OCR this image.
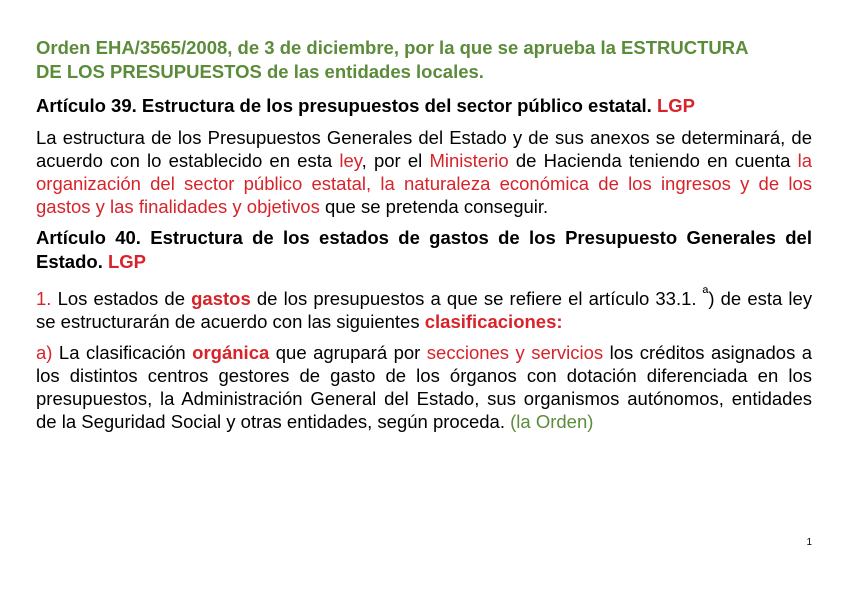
Orden EHA/3565/2008, de 3 de diciembre, por la que se aprueba la ESTRUCTURA
DE LOS PRESUPUESTOS de las entidades locales.

Artículo 39. Estructura de los presupuestos del sector público estatal. LGP

La estructura de los Presupuestos Generales del Estado y de sus anexos se determinará, de acuerdo con lo establecido en esta ley, por el Ministerio de Hacienda teniendo en cuenta la organización del sector público estatal, la naturaleza económica de los ingresos y de los gastos y las finalidades y objetivos que se pretenda conseguir.

Artículo 40. Estructura de los estados de gastos de los Presupuesto Generales del Estado. LGP

1. Los estados de gastos de los presupuestos a que se refiere el artículo 33.1. $^ª$) de esta ley se estructurarán de acuerdo con las siguientes clasificaciones:

a) La clasificación orgánica que agrupará por secciones y servicios los créditos asignados a los distintos centros gestores de gasto de los órganos con dotación diferenciada en los presupuestos, la Administración General del Estado, sus organismos autónomos, entidades de la Seguridad Social y otras entidades, según proceda. (la Orden)

1
